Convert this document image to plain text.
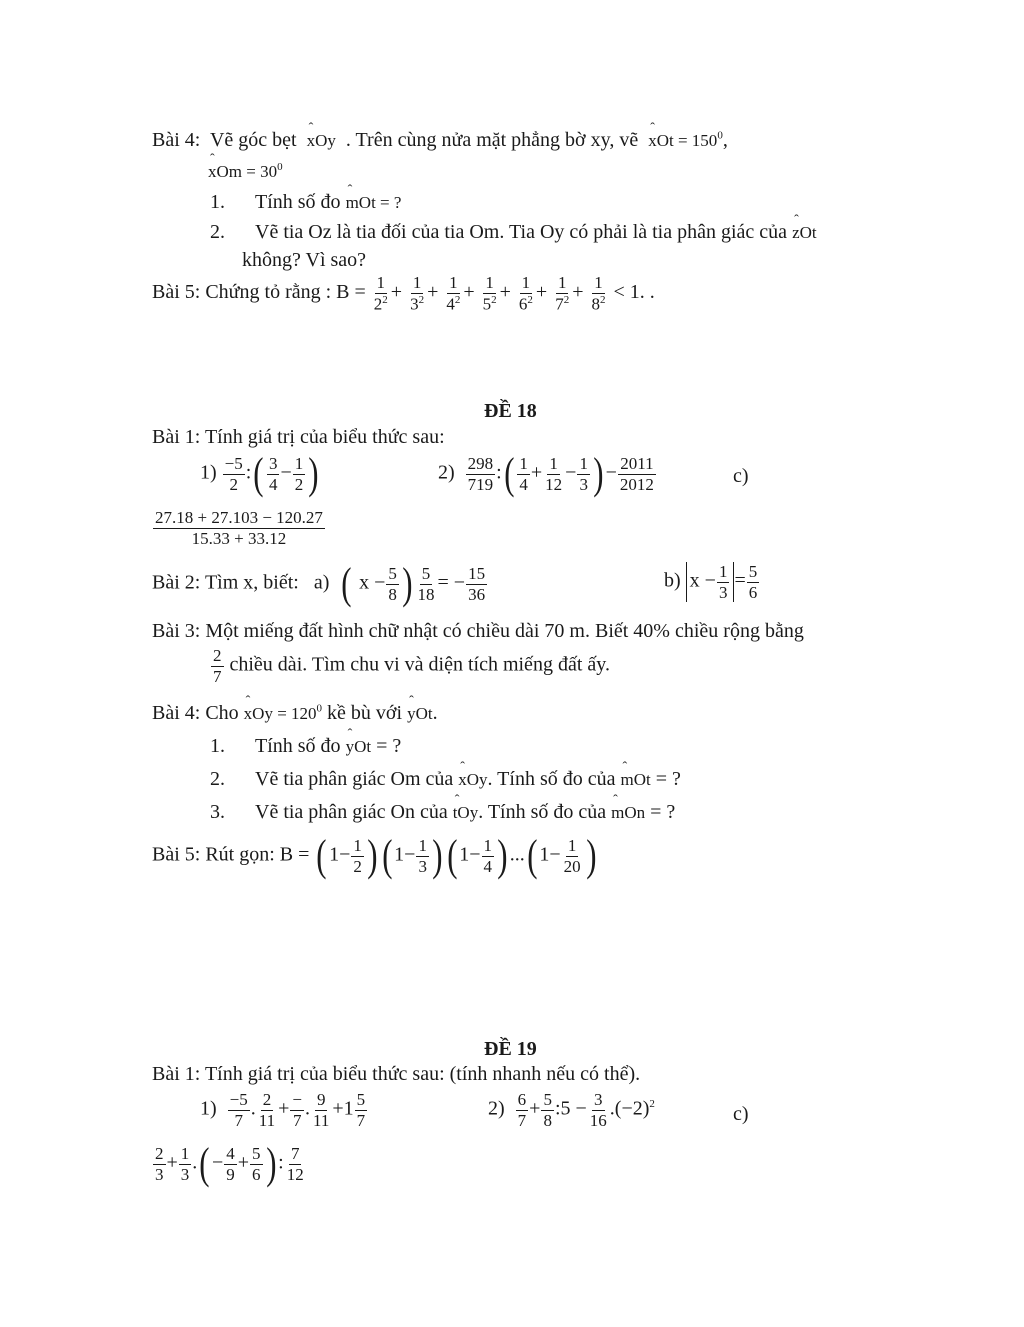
Bài 4: Vẽ góc bẹt ˆ xOy . Trên cùng nửa mặt phẳng bờ xy, vẽ ˆ xOt = $150^0$,
ˆ xOm = $30^0$
1. Tính số đo ˆ mOt = ?
2. Vẽ tia Oz là tia đối của tia Om. Tia Oy có phải là tia phân giác của ˆ zOt
không? Vì sao?
Bài 5: Chứng tỏ rằng : $B = \frac{1}{2^2} + \frac{1}{3^2} + \frac{1}{4^2} + \frac{1}{5^2} + \frac{1}{6^2} + \frac{1}{7^2} + \frac{1}{8^2} < 1$. .
ĐỀ 18
Bài 1: Tính giá trị của biểu thức sau:
$1) \frac{-5}{2}$ :( $\frac{3}{4} - \frac{1}{2}$ )	$2) \frac{298}{719}$ :( $\frac{1}{4} + \frac{1}{12} - \frac{1}{3}$ ) − $\frac{2011}{2012}$	c)
$\frac{27.18 + 27.103 - 120.27}{15.33 + 33.12}$
Bài 2: Tìm x, biết: a) ( $x - \frac{5}{8}$ ) $\frac{5}{18}$ = − $\frac{15}{36}$	b) $x - \frac{1}{3} = \frac{5}{6}$
Bài 3: Một miếng đất hình chữ nhật có chiều dài 70 m. Biết 40% chiều rộng bằng
$\frac{2}{7}$ chiều dài. Tìm chu vi và diện tích miếng đất ấy.
Bài 4: Cho ˆ xOy = $120^0$ kề bù với ˆ yOt.
1. Tính số đo ˆ yOt = ?
2. Vẽ tia phân giác Om của ˆ xOy. Tính số đo của ˆ mOt = ?
3. Vẽ tia phân giác On của ˆ tOy. Tính số đo của ˆ mOn = ?
Bài 5: Rút gọn: B = ( $1- \frac{1}{2}$ )( $1- \frac{1}{3}$ )( $1- \frac{1}{4}$ ) ...( $1- \frac{1}{20}$ )
ĐỀ 19
Bài 1: Tính giá trị của biểu thức sau: (tính nhanh nếu có thể).
$1) \frac{-5}{7}$ . $\frac{2}{11}$ + −
7
. $\frac{9}{11} +1 \frac{5}{7}$	$2) \frac{6}{7} + \frac{5}{8}$ :5 − $\frac{3}{16} .(-2)^2$	c)
$\frac{2}{3} + \frac{1}{3}$ .( − $\frac{4}{9} + \frac{5}{6}$ ) : $\frac{7}{12}$
